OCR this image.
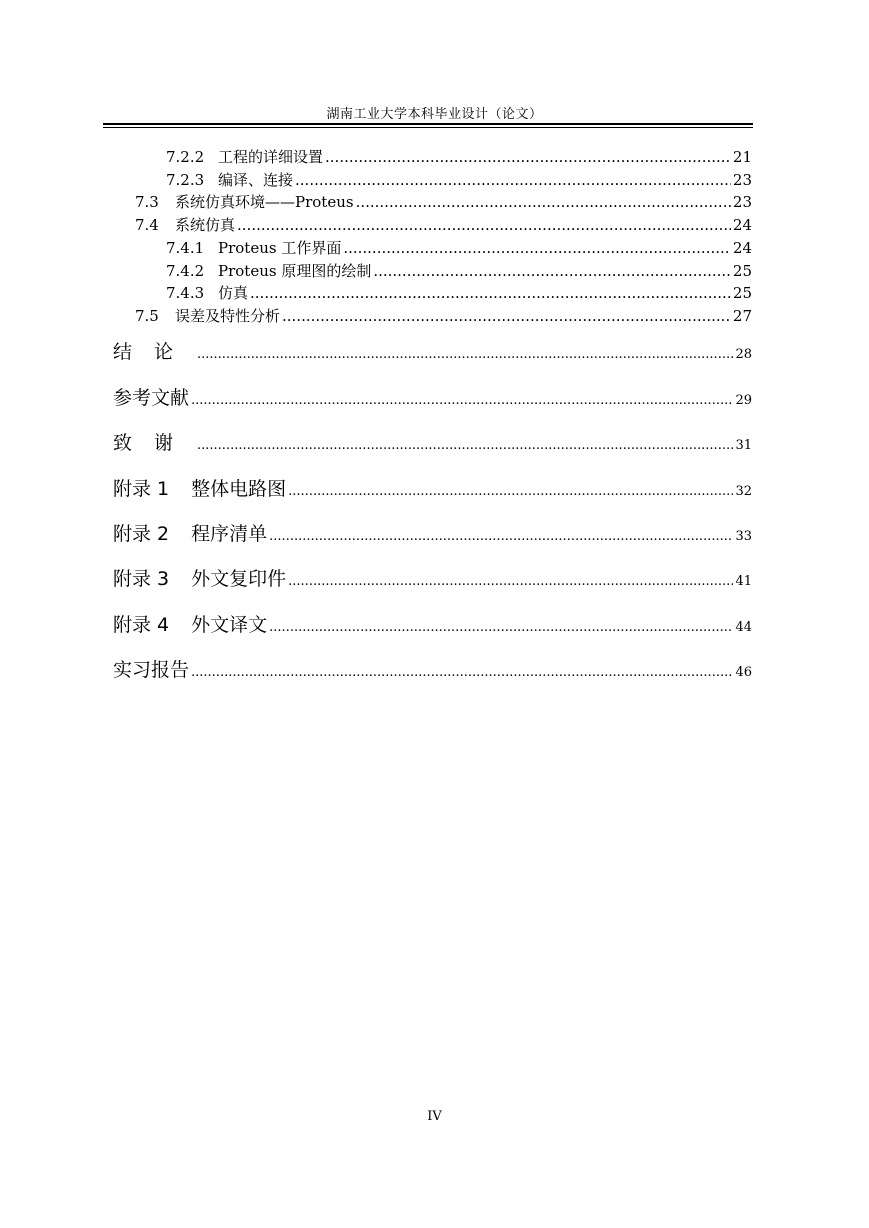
湖南工业大学本科毕业设计（论文）
7.2.2 工程的详细设置 .....	21
7.2.3 编译、连接 .....	23
7.3	系统仿真环境——Proteus .....	23
7.4	系统仿真 .....	24
7.4.1 Proteus 工作界面 .....	24
7.4.2 Proteus 原理图的绘制 .....	25
7.4.3 仿真 .....	25
7.5	误差及特性分析 .....	27
结论 .....	28
参考文献 .....	29
致谢 .....	31
附录 1 整体电路图 .....	32
附录 2 程序清单 .....	33
附录 3 外文复印件 .....	41
附录 4 外文译文 .....	44
实习报告 .....	46
IV
